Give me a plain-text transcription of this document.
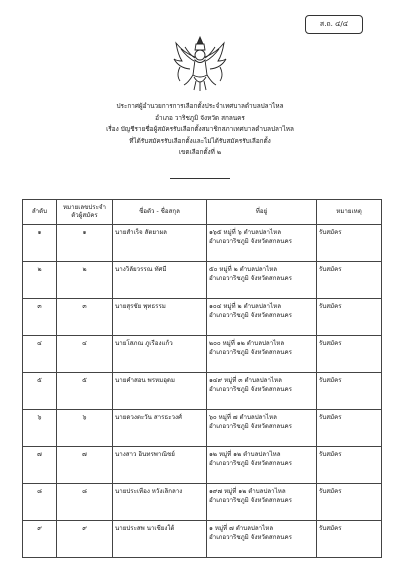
ส.ถ. ๔/๔
ประกาศผู้อำนวยการการเลือกตั้งประจำเทศบาลตำบลปลาไหล
อำเภอ วาริชภูมิ จังหวัด สกลนคร
เรื่อง บัญชีรายชื่อผู้สมัครรับเลือกตั้งสมาชิกสภาเทศบาลตำบลปลาไหล
ที่ได้รับสมัครรับเลือกตั้งและไม่ได้รับสมัครรับเลือกตั้ง
เขตเลือกตั้งที่ ๒
ลำดับ	หมายเลขประจำตัวผู้สมัคร	ชื่อตัว - ชื่อสกุล	ที่อยู่	หมายเหตุ
๑	๑	นายสำเร็จ สัตยาผล	๑๖๕ หมู่ที่ ๖ ตำบลปลาไหล
อำเภอวาริชภูมิ จังหวัดสกลนคร	รับสมัคร
๒	๒	นางวิลัยวรรณ ทัศมี	๕๐ หมู่ที่ ๒ ตำบลปลาไหล
อำเภอวาริชภูมิ จังหวัดสกลนคร	รับสมัคร
๓	๓	นายสุรชัย พุทธรรม	๑๐๔ หมู่ที่ ๒ ตำบลปลาไหล
อำเภอวาริชภูมิ จังหวัดสกลนคร	รับสมัคร
๔	๔	นายโสภณ ภูเรืองแก้ว	๒๐๐ หมู่ที่ ๑๒ ตำบลปลาไหล
อำเภอวาริชภูมิ จังหวัดสกลนคร	รับสมัคร
๕	๕	นายคำสอน พรหมอุดม	๑๔๙ หมู่ที่ ๓ ตำบลปลาไหล
อำเภอวาริชภูมิ จังหวัดสกลนคร	รับสมัคร
๖	๖	นายดวงตะวัน สารธะวงศ์	๖๐ หมู่ที่ ๗ ตำบลปลาไหล
อำเภอวาริชภูมิ จังหวัดสกลนคร	รับสมัคร
๗	๗	นางสาว อินทรพาณิชย์	๑๒ หมู่ที่ ๑๒ ตำบลปลาไหล
อำเภอวาริชภูมิ จังหวัดสกลนคร	รับสมัคร
๘	๘	นายประเทือง หวังเลิกลาง	๑๙๗ หมู่ที่ ๑๒ ตำบลปลาไหล
อำเภอวาริชภูมิ จังหวัดสกลนคร	รับสมัคร
๙	๙	นายประสพ นาเชียงใต้	๑ หมู่ที่ ๗ ตำบลปลาไหล
อำเภอวาริชภูมิ จังหวัดสกลนคร	รับสมัคร
